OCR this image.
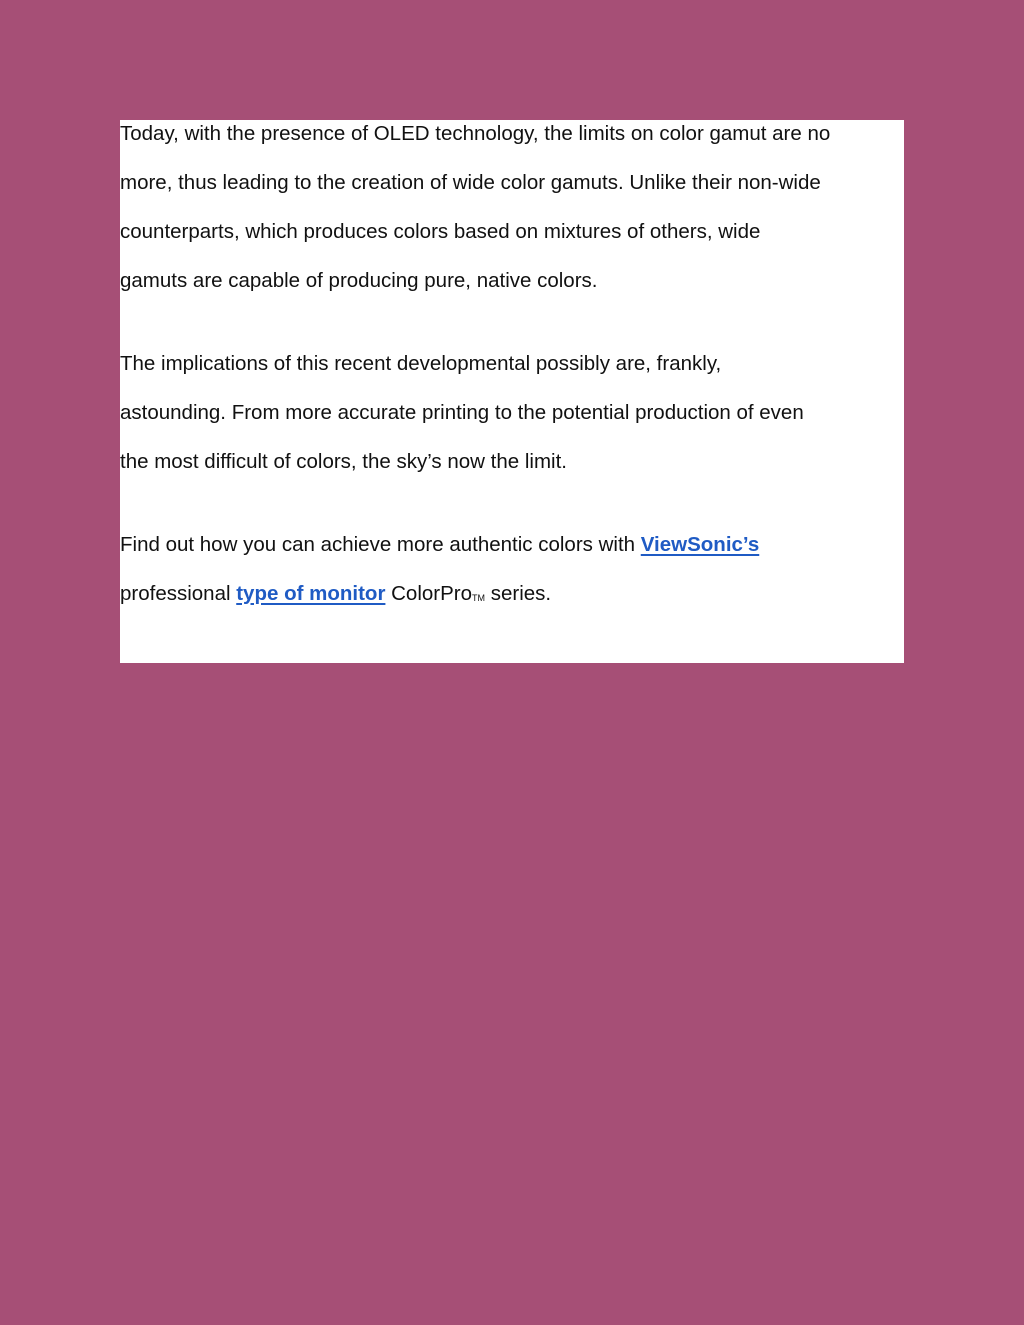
Today, with the presence of OLED technology, the limits on color gamut are no
more, thus leading to the creation of wide color gamuts. Unlike their non-wide
counterparts, which produces colors based on mixtures of others, wide
gamuts are capable of producing pure, native colors.
The implications of this recent developmental possibly are, frankly,
astounding. From more accurate printing to the potential production of even
the most difficult of colors, the sky’s now the limit.
Find out how you can achieve more authentic colors with ViewSonic’s
professional type of monitor ColorProTM series.
